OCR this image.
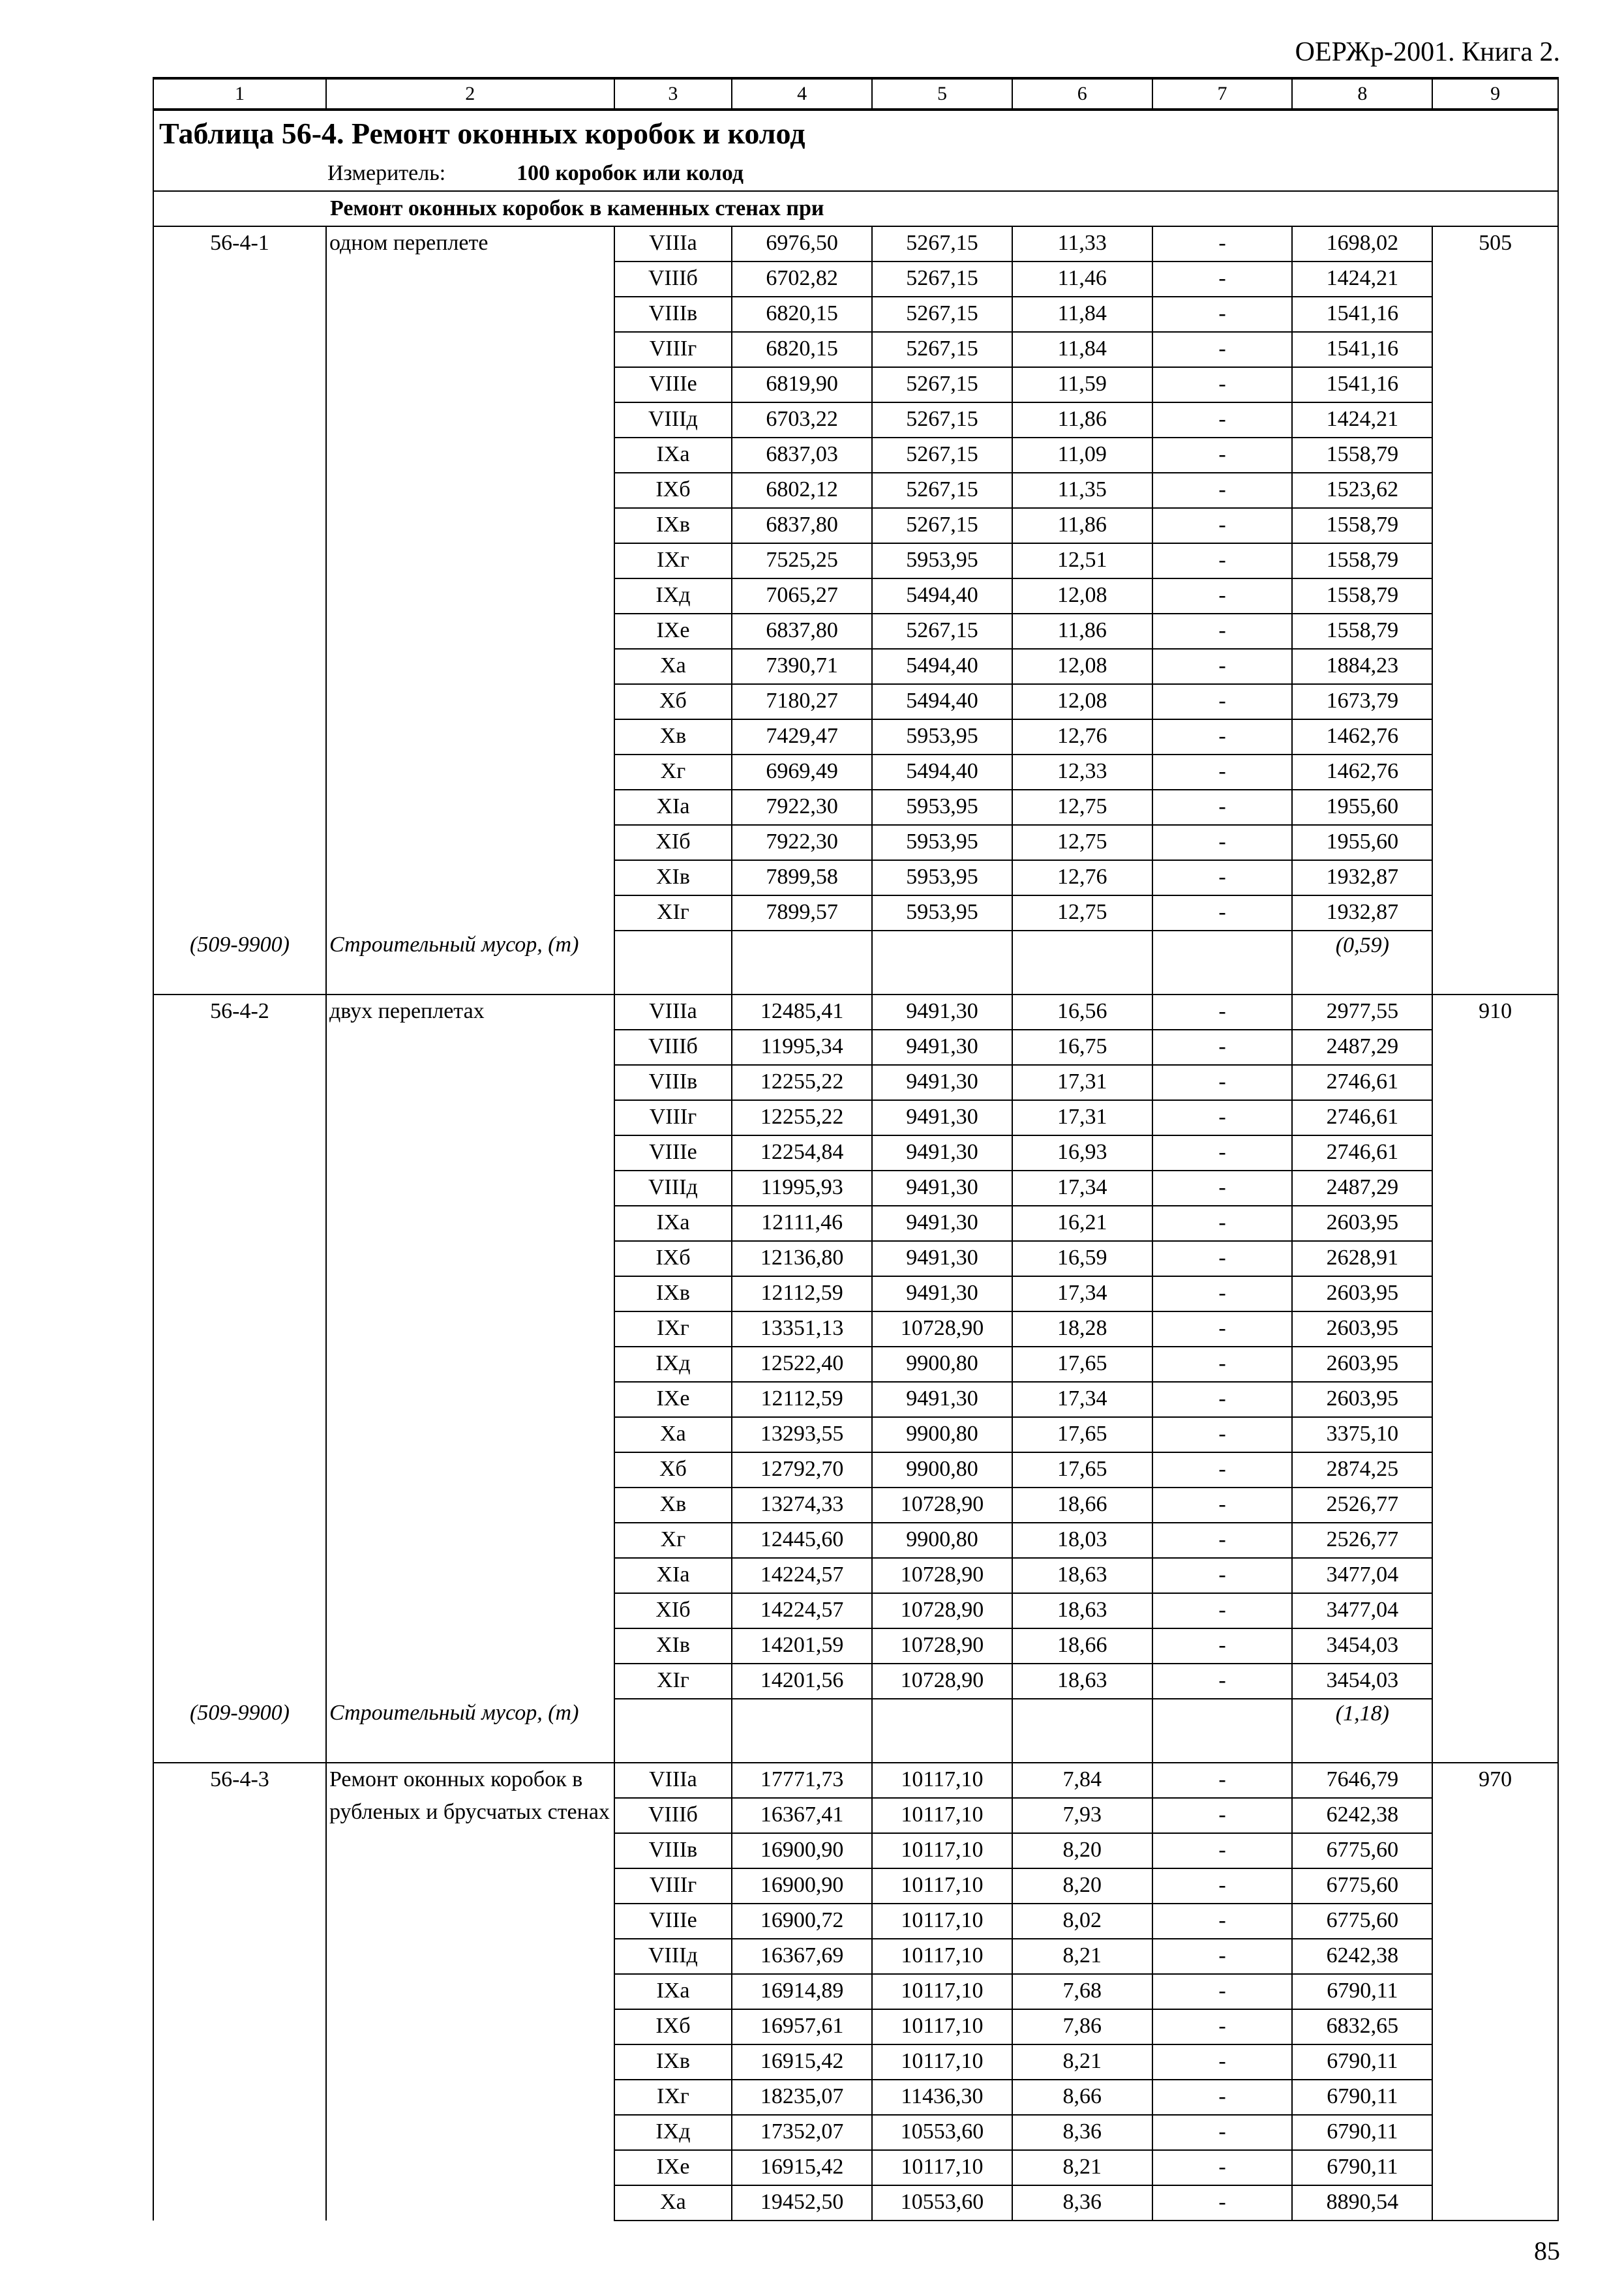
ОЕРЖр-2001. Книга 2.
1	2	3	4	5	6	7	8	9
Таблица 56-4. Ремонт оконных коробок и колод								
Измеритель: 100 коробок или колод								
Ремонт оконных коробок в каменных стенах при								
56-4-1	одном переплете	VIIIа	6976,50	5267,15	11,33	-	1698,02	505
		VIIIб	6702,82	5267,15	11,46	-	1424,21	
		VIIIв	6820,15	5267,15	11,84	-	1541,16	
		VIIIг	6820,15	5267,15	11,84	-	1541,16	
		VIIIе	6819,90	5267,15	11,59	-	1541,16	
		VIIIд	6703,22	5267,15	11,86	-	1424,21	
		IXа	6837,03	5267,15	11,09	-	1558,79	
		IXб	6802,12	5267,15	11,35	-	1523,62	
		IXв	6837,80	5267,15	11,86	-	1558,79	
		IXг	7525,25	5953,95	12,51	-	1558,79	
		IXд	7065,27	5494,40	12,08	-	1558,79	
		IXе	6837,80	5267,15	11,86	-	1558,79	
		Xа	7390,71	5494,40	12,08	-	1884,23	
		Xб	7180,27	5494,40	12,08	-	1673,79	
		Xв	7429,47	5953,95	12,76	-	1462,76	
		Xг	6969,49	5494,40	12,33	-	1462,76	
		XIа	7922,30	5953,95	12,75	-	1955,60	
		XIб	7922,30	5953,95	12,75	-	1955,60	
		XIв	7899,58	5953,95	12,76	-	1932,87	
		XIг	7899,57	5953,95	12,75	-	1932,87	
(509-9900)	Строительный мусор, (т)						(0,59)	
56-4-2	двух переплетах	VIIIа	12485,41	9491,30	16,56	-	2977,55	910
		VIIIб	11995,34	9491,30	16,75	-	2487,29	
		VIIIв	12255,22	9491,30	17,31	-	2746,61	
		VIIIг	12255,22	9491,30	17,31	-	2746,61	
		VIIIе	12254,84	9491,30	16,93	-	2746,61	
		VIIIд	11995,93	9491,30	17,34	-	2487,29	
		IXа	12111,46	9491,30	16,21	-	2603,95	
		IXб	12136,80	9491,30	16,59	-	2628,91	
		IXв	12112,59	9491,30	17,34	-	2603,95	
		IXг	13351,13	10728,90	18,28	-	2603,95	
		IXд	12522,40	9900,80	17,65	-	2603,95	
		IXе	12112,59	9491,30	17,34	-	2603,95	
		Xа	13293,55	9900,80	17,65	-	3375,10	
		Xб	12792,70	9900,80	17,65	-	2874,25	
		Xв	13274,33	10728,90	18,66	-	2526,77	
		Xг	12445,60	9900,80	18,03	-	2526,77	
		XIа	14224,57	10728,90	18,63	-	3477,04	
		XIб	14224,57	10728,90	18,63	-	3477,04	
		XIв	14201,59	10728,90	18,66	-	3454,03	
		XIг	14201,56	10728,90	18,63	-	3454,03	
(509-9900)	Строительный мусор, (т)						(1,18)	
56-4-3	Ремонт оконных коробок в рубленых и брусчатых стенах	VIIIа	17771,73	10117,10	7,84	-	7646,79	970
		VIIIб	16367,41	10117,10	7,93	-	6242,38	
		VIIIв	16900,90	10117,10	8,20	-	6775,60	
		VIIIг	16900,90	10117,10	8,20	-	6775,60	
		VIIIе	16900,72	10117,10	8,02	-	6775,60	
		VIIIд	16367,69	10117,10	8,21	-	6242,38	
		IXа	16914,89	10117,10	7,68	-	6790,11	
		IXб	16957,61	10117,10	7,86	-	6832,65	
		IXв	16915,42	10117,10	8,21	-	6790,11	
		IXг	18235,07	11436,30	8,66	-	6790,11	
		IXд	17352,07	10553,60	8,36	-	6790,11	
		IXе	16915,42	10117,10	8,21	-	6790,11	
		Xа	19452,50	10553,60	8,36	-	8890,54	
85
